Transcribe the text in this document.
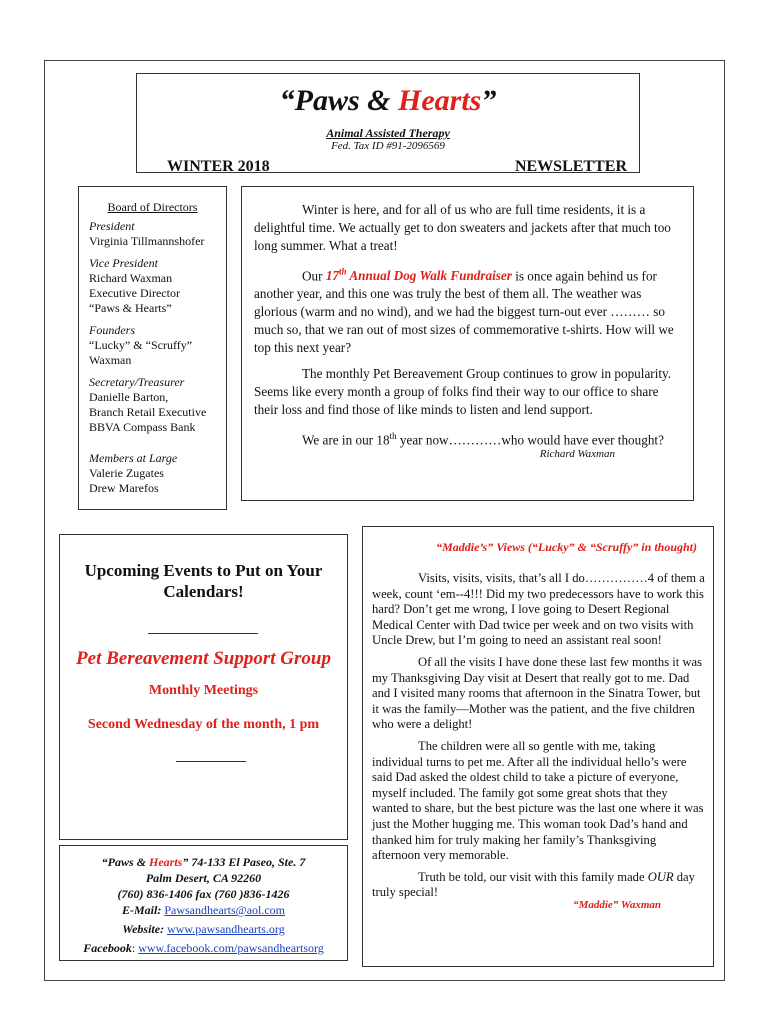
“Paws & Hearts”
Animal Assisted Therapy
Fed. Tax ID #91-2096569
WINTER 2018	NEWSLETTER
Board of Directors
President
Virginia Tillmannshofer
Vice President
Richard Waxman
Executive Director
“Paws & Hearts”
Founders
“Lucky” & “Scruffy”
Waxman
Secretary/Treasurer
Danielle Barton,
Branch Retail Executive
BBVA Compass Bank
Members at Large
Valerie Zugates
Drew Marefos

Winter is here, and for all of us who are full time residents, it is a delightful time. We actually get to don sweaters and jackets after that much too long summer. What a treat!

Our 17th Annual Dog Walk Fundraiser is once again behind us for another year, and this one was truly the best of them all. The weather was glorious (warm and no wind), and we had the biggest turn-out ever ……… so much so, that we ran out of most sizes of commemorative t-shirts. How will we top this next year?

The monthly Pet Bereavement Group continues to grow in popularity. Seems like every month a group of folks find their way to our office to share their loss and find those of like minds to listen and lend support.

We are in our 18th year now…………who would have ever thought?

Richard Waxman
Upcoming Events to Put on Your
Calendars!
Pet Bereavement Support Group
Monthly Meetings
Second Wednesday of the month, 1 pm
“Paws & Hearts” 74-133 El Paseo, Ste. 7
Palm Desert, CA 92260
(760) 836-1406 fax (760 )836-1426
E-Mail: Pawsandhearts@aol.com
Website: www.pawsandhearts.org
Facebook: www.facebook.com/pawsandheartsorg
“Maddie’s” Views (“Lucky” & “Scruffy” in thought)

Visits, visits, visits, that’s all I do……………4 of them a week, count ‘em--4!!! Did my two predecessors have to work this hard? Don’t get me wrong, I love going to Desert Regional Medical Center with Dad twice per week and on two visits with Uncle Drew, but I’m going to need an assistant real soon!

Of all the visits I have done these last few months it was my Thanksgiving Day visit at Desert that really got to me. Dad and I visited many rooms that afternoon in the Sinatra Tower, but it was the family—Mother was the patient, and the five children who were a delight!

The children were all so gentle with me, taking individual turns to pet me. After all the individual hello’s were said Dad asked the oldest child to take a picture of everyone, myself included. The family got some great shots that they wanted to share, but the best picture was the last one where it was just the Mother hugging me. This woman took Dad’s hand and thanked him for truly making her family’s Thanksgiving afternoon very memorable.

Truth be told, our visit with this family made OUR day truly special!

“Maddie” Waxman
